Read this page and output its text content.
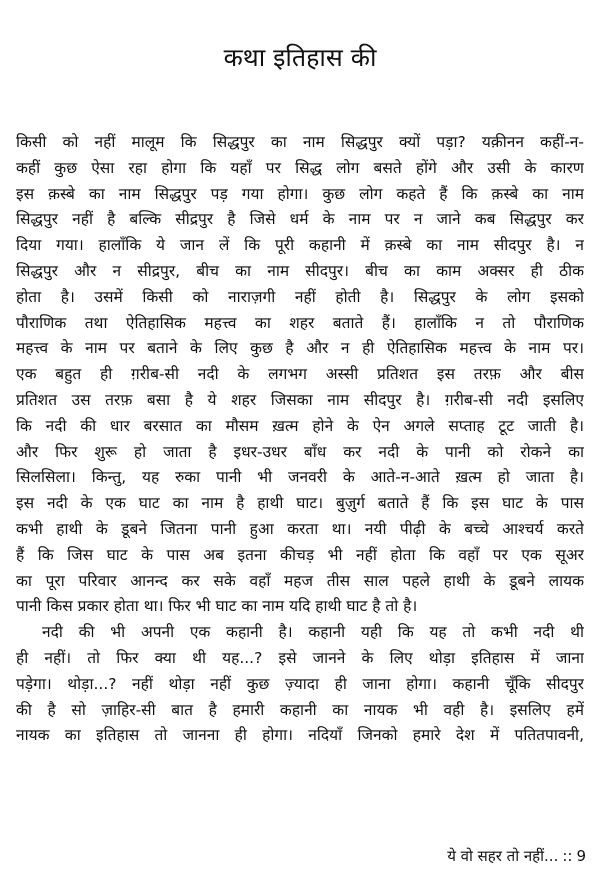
कथा इतिहास की

किसी को नहीं मालूम कि सिद्धपुर का नाम सिद्धपुर क्यों पड़ा? यक़ीनन कहीं-न-
कहीं कुछ ऐसा रहा होगा कि यहाँ पर सिद्ध लोग बसते होंगे और उसी के कारण
इस क़स्बे का नाम सिद्धपुर पड़ गया होगा। कुछ लोग कहते हैं कि क़स्बे का नाम
सिद्धपुर नहीं है बल्कि सीद्रपुर है जिसे धर्म के नाम पर न जाने कब सिद्धपुर कर
दिया गया। हालाँकि ये जान लें कि पूरी कहानी में क़स्बे का नाम सीदपुर है। न
सिद्धपुर और न सीद्रपुर, बीच का नाम सीदपुर। बीच का काम अक्सर ही ठीक
होता है। उसमें किसी को नाराज़गी नहीं होती है। सिद्धपुर के लोग इसको
पौराणिक तथा ऐतिहासिक महत्त्व का शहर बताते हैं। हालाँकि न तो पौराणिक
महत्त्व के नाम पर बताने के लिए कुछ है और न ही ऐतिहासिक महत्त्व के नाम पर।
एक बहुत ही ग़रीब-सी नदी के लगभग अस्सी प्रतिशत इस तरफ़ और बीस
प्रतिशत उस तरफ़ बसा है ये शहर जिसका नाम सीदपुर है। ग़रीब-सी नदी इसलिए
कि नदी की धार बरसात का मौसम ख़त्म होने के ऐन अगले सप्ताह टूट जाती है।
और फिर शुरू हो जाता है इधर-उधर बाँध कर नदी के पानी को रोकने का
सिलसिला। किन्तु, यह रुका पानी भी जनवरी के आते-न-आते ख़त्म हो जाता है।
इस नदी के एक घाट का नाम है हाथी घाट। बुज़ुर्ग बताते हैं कि इस घाट के पास
कभी हाथी के डूबने जितना पानी हुआ करता था। नयी पीढ़ी के बच्चे आश्चर्य करते
हैं कि जिस घाट के पास अब इतना कीचड़ भी नहीं होता कि वहाँ पर एक सूअर
का पूरा परिवार आनन्द कर सके वहाँ महज तीस साल पहले हाथी के डूबने लायक
पानी किस प्रकार होता था। फिर भी घाट का नाम यदि हाथी घाट है तो है।

नदी की भी अपनी एक कहानी है। कहानी यही कि यह तो कभी नदी थी
ही नहीं। तो फिर क्या थी यह...? इसे जानने के लिए थोड़ा इतिहास में जाना
पड़ेगा। थोड़ा...? नहीं थोड़ा नहीं कुछ ज़्यादा ही जाना होगा। कहानी चूँकि सीदपुर
की है सो ज़ाहिर-सी बात है हमारी कहानी का नायक भी वही है। इसलिए हमें
नायक का इतिहास तो जानना ही होगा। नदियाँ जिनको हमारे देश में पतितपावनी,

ये वो सहर तो नहीं... :: 9
